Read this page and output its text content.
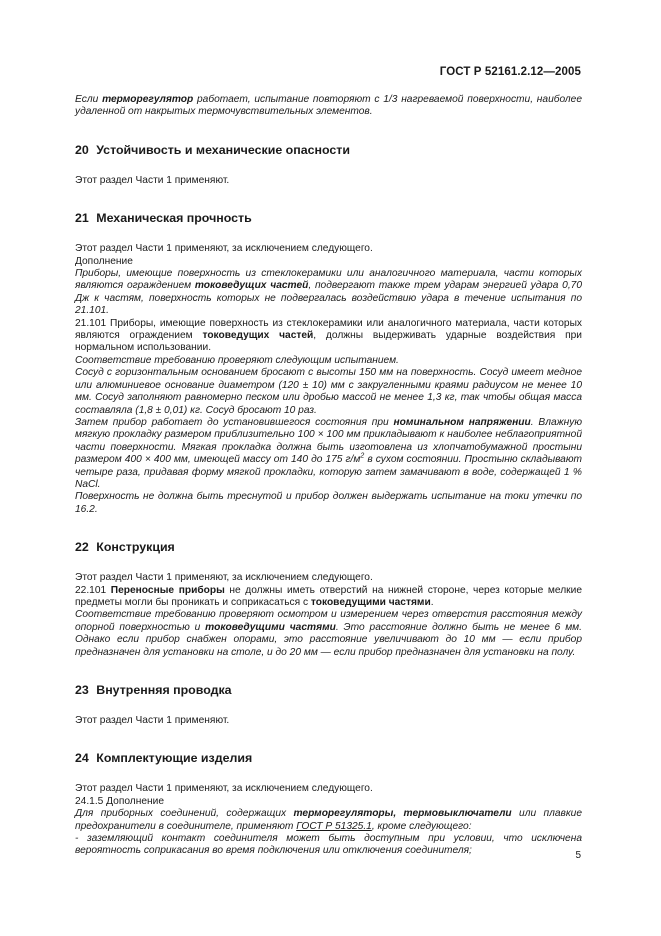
ГОСТ Р 52161.2.12—2005

Если терморегулятор работает, испытание повторяют с 1/3 нагреваемой поверхности, наиболее удаленной от накрытых термочувствительных элементов.

20 Устойчивость и механические опасности

Этот раздел Части 1 применяют.

21 Механическая прочность

Этот раздел Части 1 применяют, за исключением следующего.

Дополнение

Приборы, имеющие поверхность из стеклокерамики или аналогичного материала, части которых являются ограждением токоведущих частей, подвергают также трем ударам энергией удара 0,70 Дж к частям, поверхность которых не подвергалась воздействию удара в течение испытания по 21.101.

21.101 Приборы, имеющие поверхность из стеклокерамики или аналогичного материала, части которых являются ограждением токоведущих частей, должны выдерживать ударные воздействия при нормальном использовании.

Соответствие требованию проверяют следующим испытанием.

Сосуд с горизонтальным основанием бросают с высоты 150 мм на поверхность. Сосуд имеет медное или алюминиевое основание диаметром (120 ± 10) мм с закругленными краями радиусом не менее 10 мм. Сосуд заполняют равномерно песком или дробью массой не менее 1,3 кг, так чтобы общая масса составляла (1,8 ± 0,01) кг. Сосуд бросают 10 раз.

Затем прибор работает до установившегося состояния при номинальном напряжении. Влажную мягкую прокладку размером приблизительно 100 × 100 мм прикладывают к наиболее неблагоприятной части поверхности. Мягкая прокладка должна быть изготовлена из хлопчатобумажной простыни размером 400 × 400 мм, имеющей массу от 140 до 175 $г/м^2$ в сухом состоянии. Простыню складывают четыре раза, придавая форму мягкой прокладки, которую затем замачивают в воде, содержащей 1 % NaCl.

Поверхность не должна быть треснутой и прибор должен выдержать испытание на токи утечки по 16.2.

22 Конструкция

Этот раздел Части 1 применяют, за исключением следующего.

22.101 Переносные приборы не должны иметь отверстий на нижней стороне, через которые мелкие предметы могли бы проникать и соприкасаться с токоведущими частями.

Соответствие требованию проверяют осмотром и измерением через отверстия расстояния между опорной поверхностью и токоведущими частями. Это расстояние должно быть не менее 6 мм. Однако если прибор снабжен опорами, это расстояние увеличивают до 10 мм — если прибор предназначен для установки на столе, и до 20 мм — если прибор предназначен для установки на полу.

23 Внутренняя проводка

Этот раздел Части 1 применяют.

24 Комплектующие изделия

Этот раздел Части 1 применяют, за исключением следующего.

24.1.5 Дополнение

Для приборных соединений, содержащих терморегуляторы, термовыключатели или плавкие предохранители в соединителе, применяют ГОСТ Р 51325.1, кроме следующего:

- заземляющий контакт соединителя может быть доступным при условии, что исключена вероятность соприкасания во время подключения или отключения соединителя;	5
